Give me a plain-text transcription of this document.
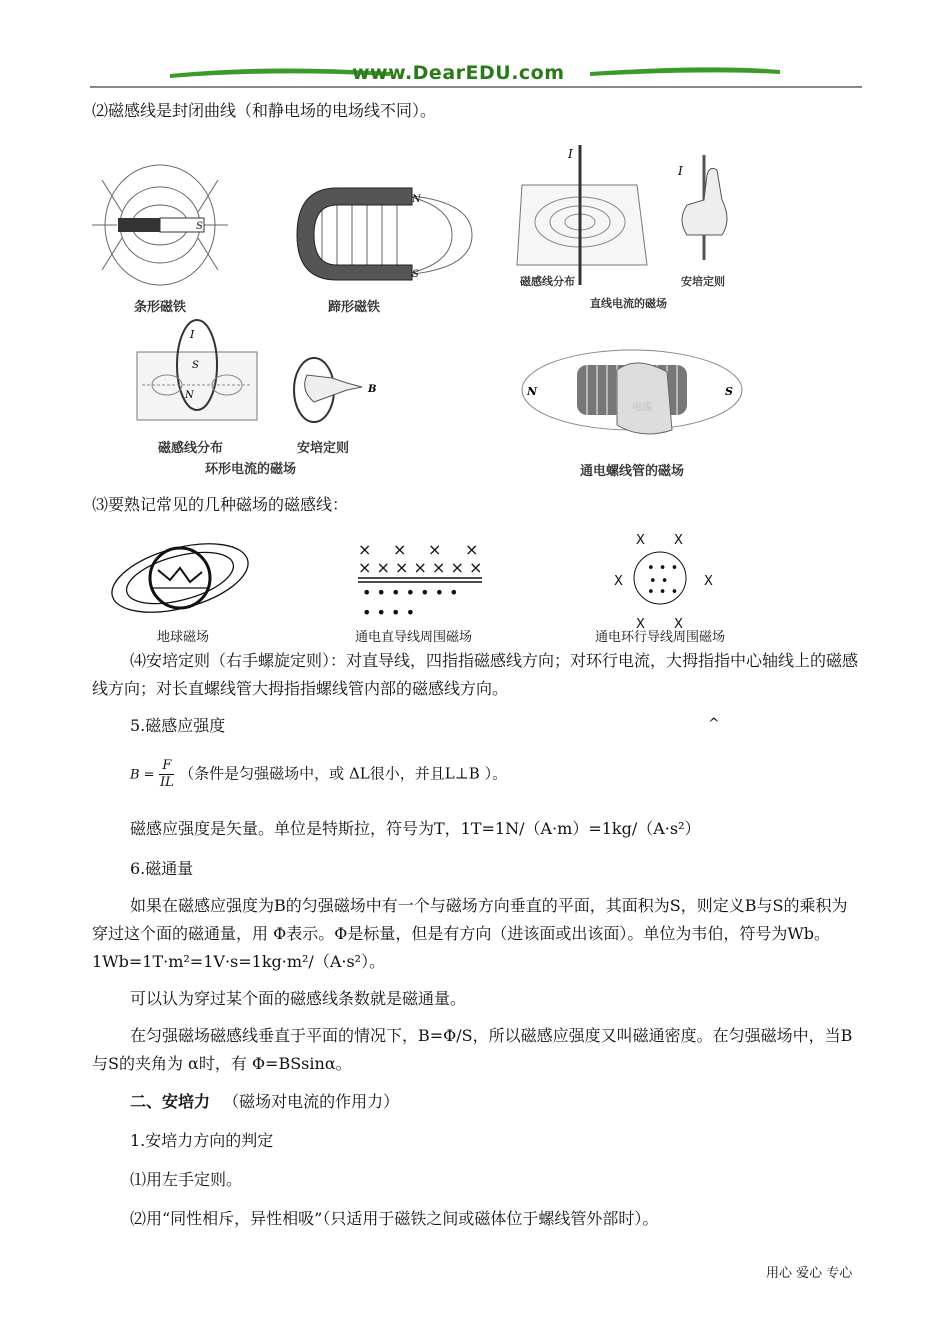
www.DearEDU.com
⑵磁感线是封闭曲线（和静电场的电场线不同）。
S
N
S
I
I
I
S
N
B
电流
N	S
条形磁铁	蹄形磁铁
磁感线分布	安培定则
直线电流的磁场
磁感线分布	安培定则
环形电流的磁场	通电螺线管的磁场
⑶要熟记常见的几种磁场的磁感线：
× × × ×
× × × × × × ×
• • • • • • •
• • • •
X X
X	X
X X
• • •
• •
• • •
地球磁场	通电直导线周围磁场	通电环行导线周围磁场
⑷安培定则（右手螺旋定则）：对直导线，四指指磁感线方向；对环行电流，大拇指指中心轴线上的磁感线方向；对长直螺线管大拇指指螺线管内部的磁感线方向。
5.磁感应强度	^
$B = \frac{F}{IL}$ （条件是匀强磁场中，或 ΔL很小，并且L⊥B ）。
磁感应强度是矢量。单位是特斯拉，符号为T，1T=1N/（A·m）=1kg/（A·s²）
6.磁通量
如果在磁感应强度为B的匀强磁场中有一个与磁场方向垂直的平面，其面积为S，则定义B与S的乘积为穿过这个面的磁通量，用 Φ表示。Φ是标量，但是有方向（进该面或出该面）。单位为韦伯，符号为Wb。1Wb=1T·m²=1V·s=1kg·m²/（A·s²）。
可以认为穿过某个面的磁感线条数就是磁通量。
在匀强磁场磁感线垂直于平面的情况下，B=Φ/S，所以磁感应强度又叫磁通密度。在匀强磁场中，当B与S的夹角为 α时，有 Φ=BSsinα。
二、安培力 （磁场对电流的作用力）
1.安培力方向的判定
⑴用左手定则。
⑵用“同性相斥，异性相吸”（只适用于磁铁之间或磁体位于螺线管外部时）。
用心 爱心 专心
